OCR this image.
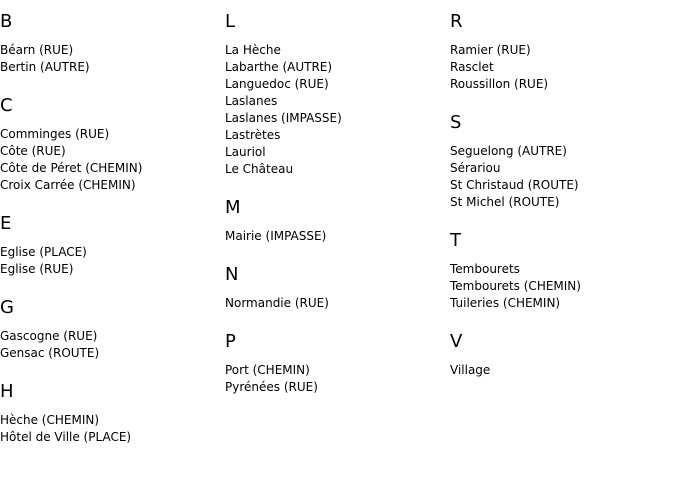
B
Béarn (RUE)
Bertin (AUTRE)
C
Comminges (RUE)
Côte (RUE)
Côte de Péret (CHEMIN)
Croix Carrée (CHEMIN)
E
Eglise (PLACE)
Eglise (RUE)
G
Gascogne (RUE)
Gensac (ROUTE)
H
Hèche (CHEMIN)
Hôtel de Ville (PLACE)
L
La Hèche
Labarthe (AUTRE)
Languedoc (RUE)
Laslanes
Laslanes (IMPASSE)
Lastrètes
Lauriol
Le Château
M
Mairie (IMPASSE)
N
Normandie (RUE)
P
Port (CHEMIN)
Pyrénées (RUE)
R
Ramier (RUE)
Rasclet
Roussillon (RUE)
S
Seguelong (AUTRE)
Sérariou
St Christaud (ROUTE)
St Michel (ROUTE)
T
Tembourets
Tembourets (CHEMIN)
Tuileries (CHEMIN)
V
Village
